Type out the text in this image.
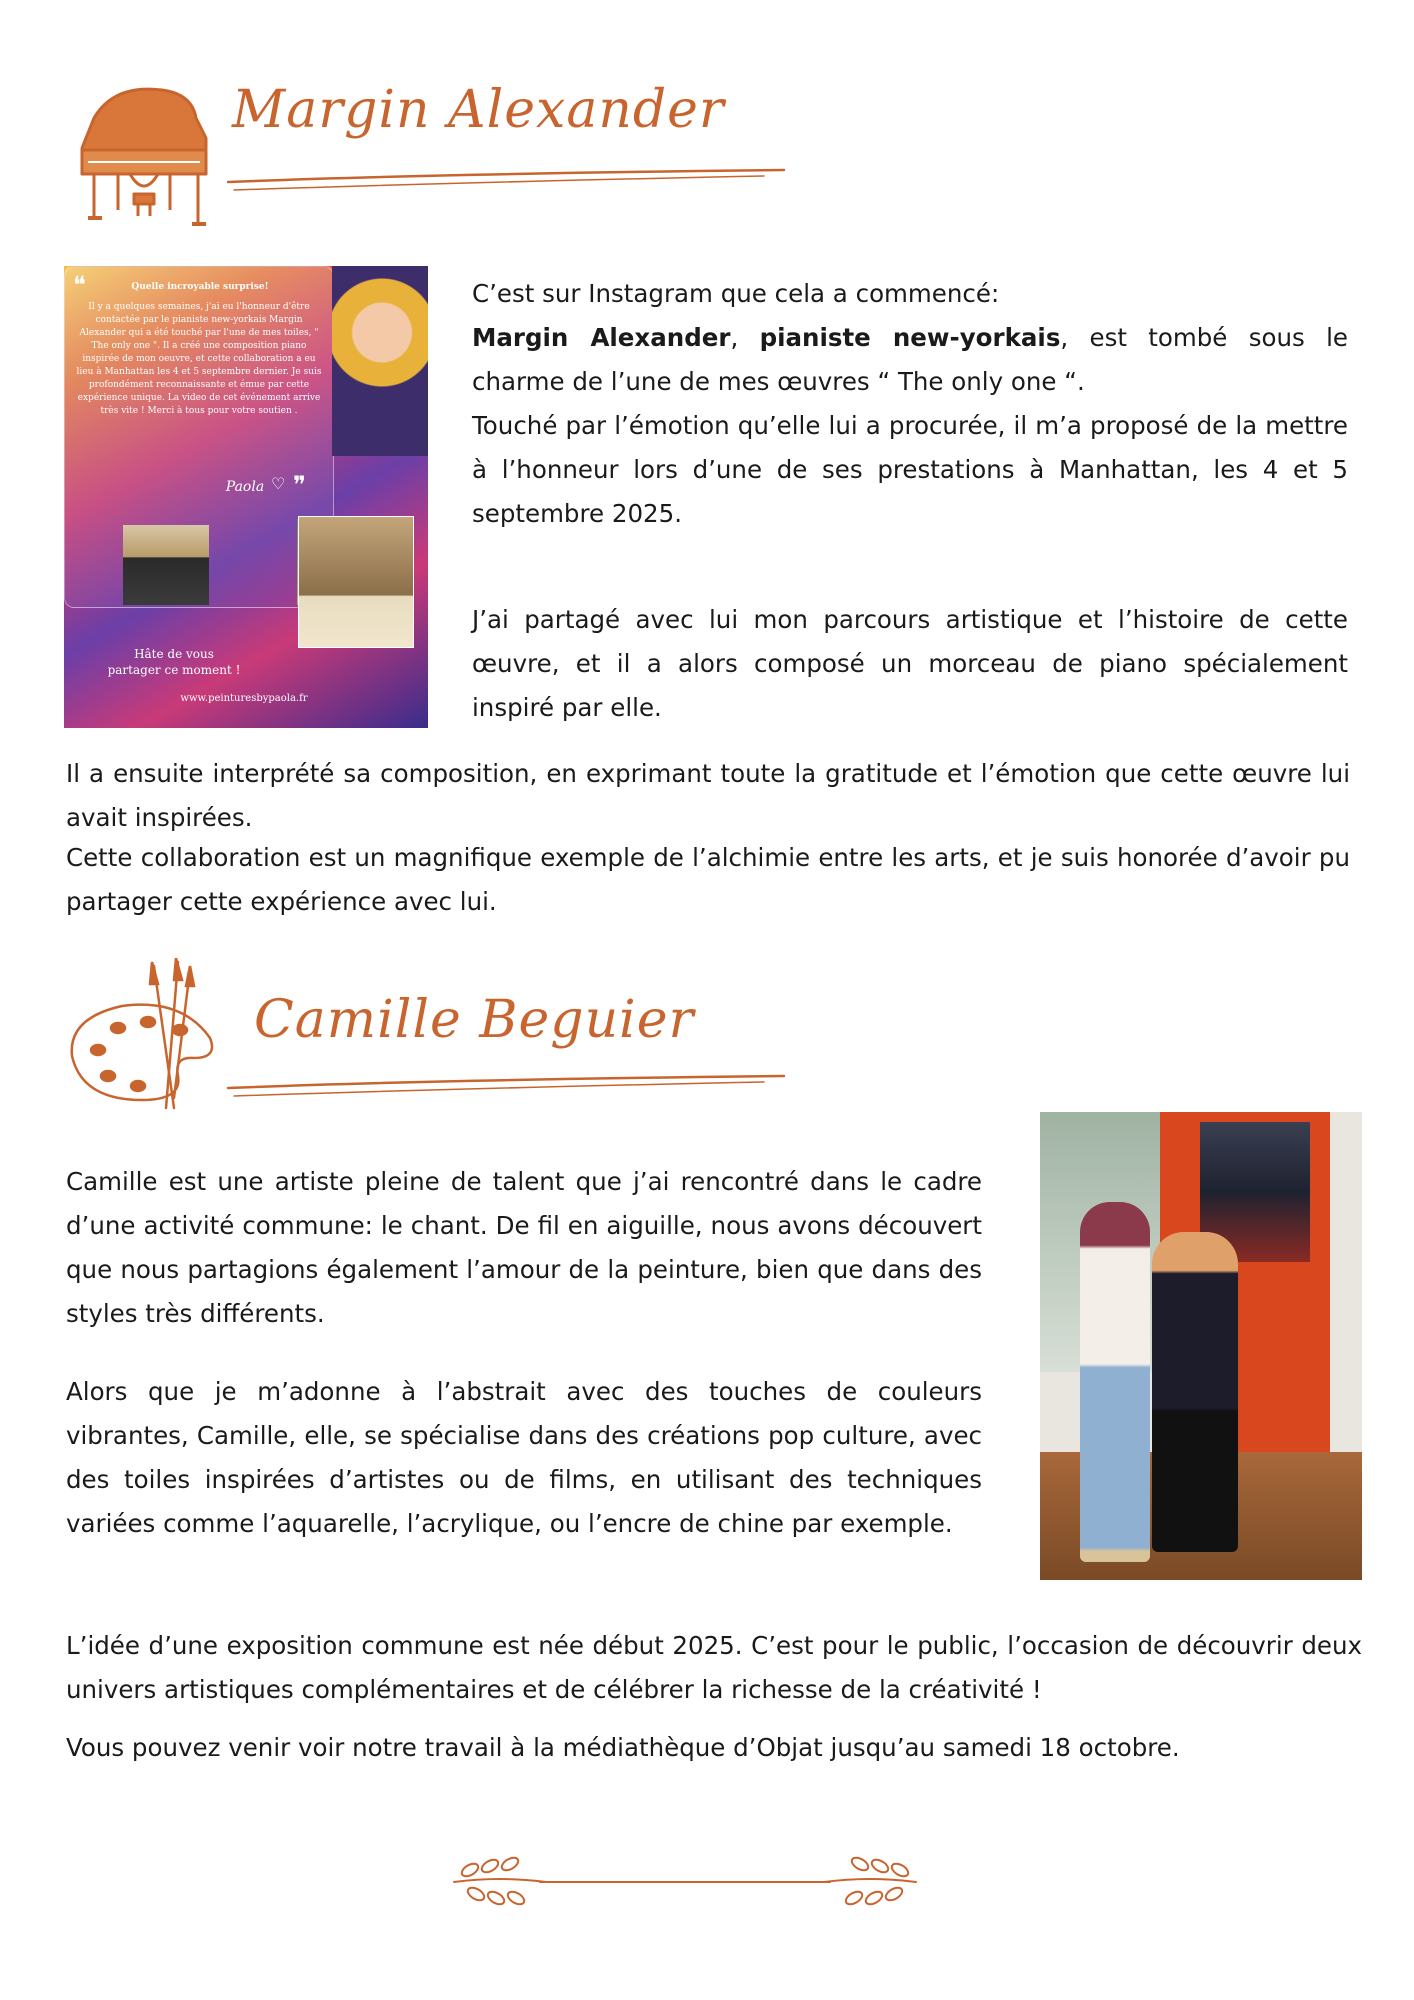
Margin Alexander
❝	Quelle incroyable surprise!
Il y a quelques semaines, j'ai eu l'honneur d'être contactée par le pianiste new-yorkais Margin Alexander qui a été touché par l'une de mes toiles, " The only one ". Il a créé une composition piano inspirée de mon oeuvre, et cette collaboration a eu lieu à Manhattan les 4 et 5 septembre dernier. Je suis profondément reconnaissante et émue par cette expérience unique. La video de cet événement arrive très vite ! Merci à tous pour votre soutien .
Paola ♡ ❞
Hâte de vous
partager ce moment !
www.peinturesbypaola.fr

C’est sur Instagram que cela a commencé:

Margin Alexander, pianiste new-yorkais, est tombé sous le charme de l’une de mes œuvres “ The only one “.

Touché par l’émotion qu’elle lui a procurée, il m’a proposé de la mettre à l’honneur lors d’une de ses prestations à Manhattan, les 4 et 5 septembre 2025.

J’ai partagé avec lui mon parcours artistique et l’histoire de cette œuvre, et il a alors composé un morceau de piano spécialement inspiré par elle.

Il a ensuite interprété sa composition, en exprimant toute la gratitude et l’émotion que cette œuvre lui avait inspirées.

Cette collaboration est un magnifique exemple de l’alchimie entre les arts, et je suis honorée d’avoir pu partager cette expérience avec lui.

Camille Beguier

Camille est une artiste pleine de talent que j’ai rencontré dans le cadre d’une activité commune: le chant. De fil en aiguille, nous avons découvert que nous partagions également l’amour de la peinture, bien que dans des styles très différents.

Alors que je m’adonne à l’abstrait avec des touches de couleurs vibrantes, Camille, elle, se spécialise dans des créations pop culture, avec des toiles inspirées d’artistes ou de films, en utilisant des techniques variées comme l’aquarelle, l’acrylique, ou l’encre de chine par exemple.

L’idée d’une exposition commune est née début 2025. C’est pour le public, l’occasion de découvrir deux univers artistiques complémentaires et de célébrer la richesse de la créativité !

Vous pouvez venir voir notre travail à la médiathèque d’Objat jusqu’au samedi 18 octobre.
